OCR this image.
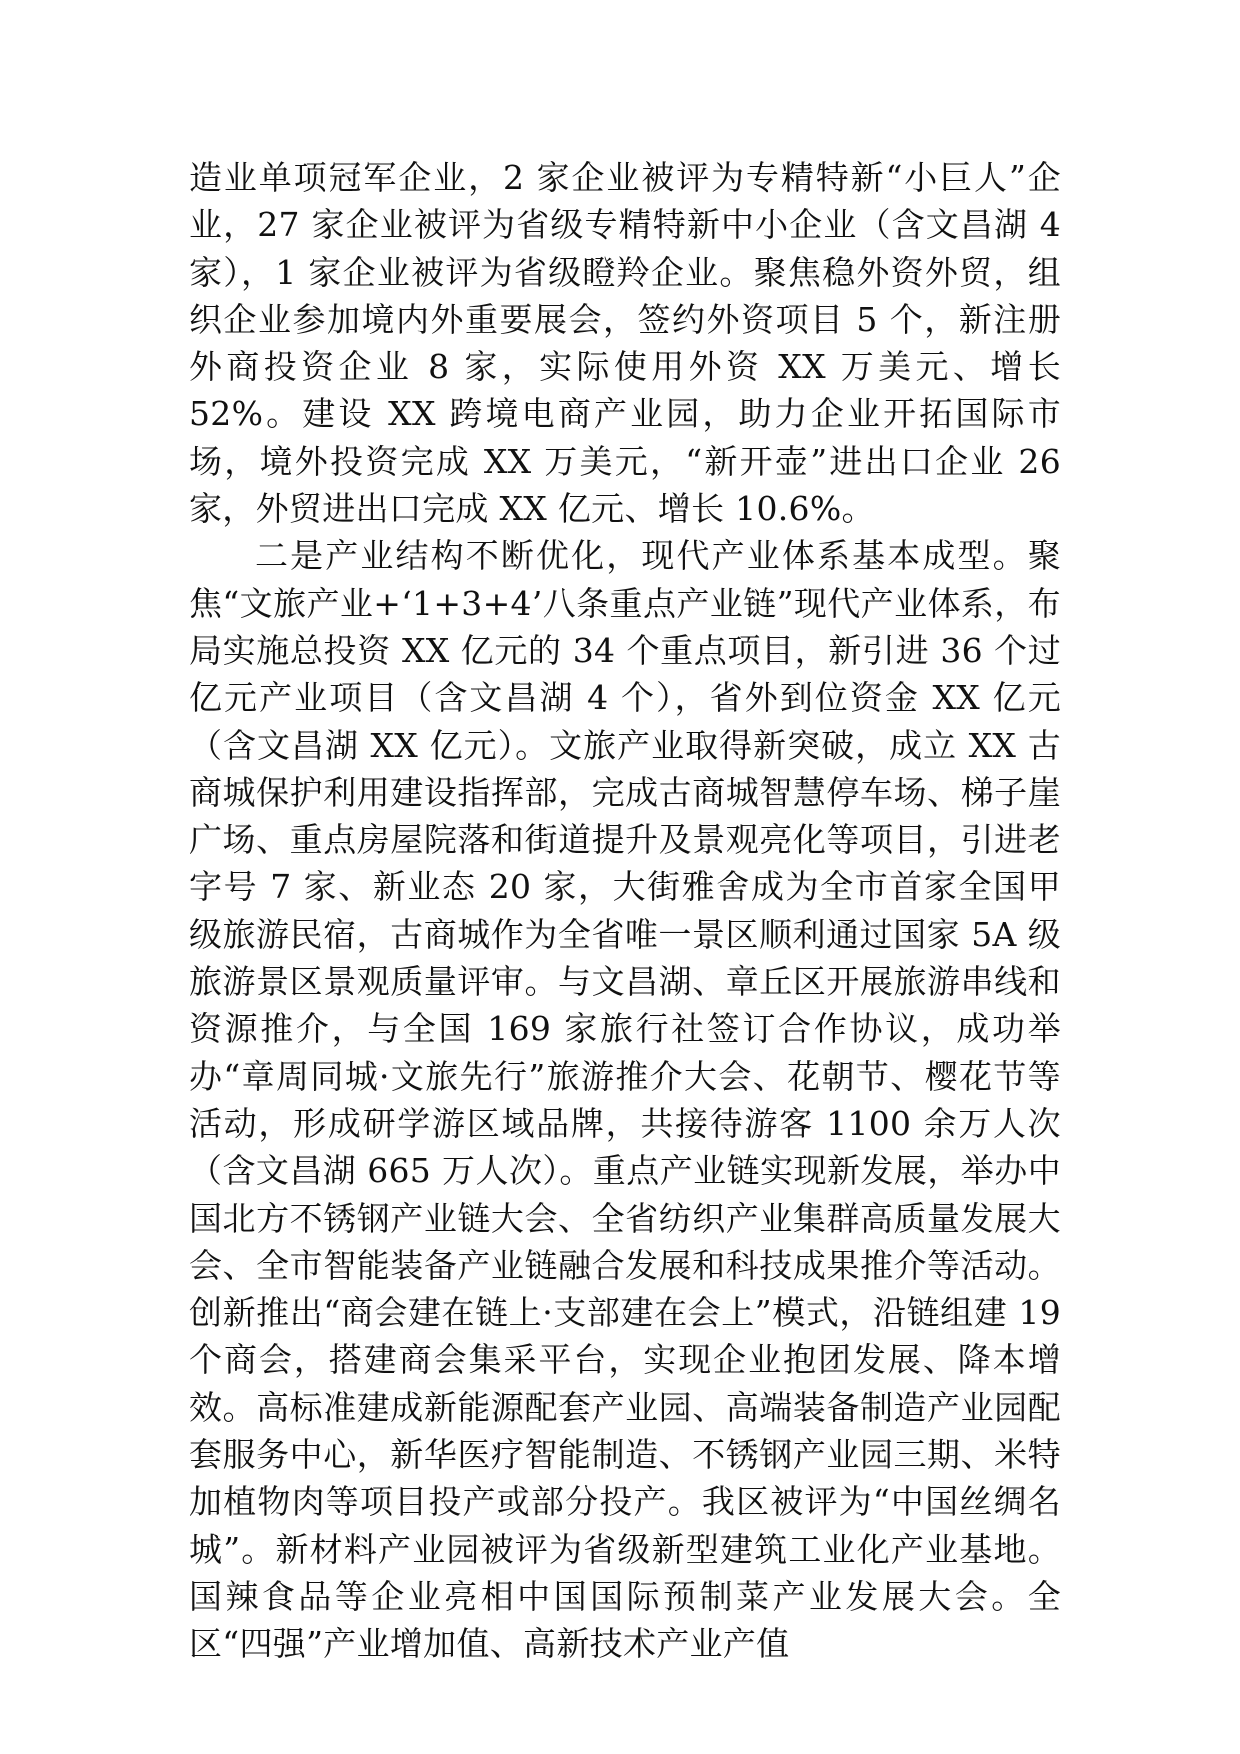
造业单项冠军企业，2 家企业被评为专精特新“小巨人”企业，27 家企业被评为省级专精特新中小企业（含文昌湖 4 家），1 家企业被评为省级瞪羚企业。聚焦稳外资外贸，组织企业参加境内外重要展会，签约外资项目 5 个，新注册外商投资企业 8 家，实际使用外资 XX 万美元、增长 52%。建设 XX 跨境电商产业园，助力企业开拓国际市场，境外投资完成 XX 万美元，“新开壶”进出口企业 26 家，外贸进出口完成 XX 亿元、增长 10.6%。

二是产业结构不断优化，现代产业体系基本成型。聚焦“文旅产业+‘1+3+4’八条重点产业链”现代产业体系，布局实施总投资 XX 亿元的 34 个重点项目，新引进 36 个过亿元产业项目（含文昌湖 4 个），省外到位资金 XX 亿元（含文昌湖 XX 亿元）。文旅产业取得新突破，成立 XX 古商城保护利用建设指挥部，完成古商城智慧停车场、梯子崖广场、重点房屋院落和街道提升及景观亮化等项目，引进老字号 7 家、新业态 20 家，大街雅舍成为全市首家全国甲级旅游民宿，古商城作为全省唯一景区顺利通过国家 5A 级旅游景区景观质量评审。与文昌湖、章丘区开展旅游串线和资源推介，与全国 169 家旅行社签订合作协议，成功举办“章周同城·文旅先行”旅游推介大会、花朝节、樱花节等活动，形成研学游区域品牌，共接待游客 1100 余万人次（含文昌湖 665 万人次）。重点产业链实现新发展，举办中国北方不锈钢产业链大会、全省纺织产业集群高质量发展大会、全市智能装备产业链融合发展和科技成果推介等活动。创新推出“商会建在链上·支部建在会上”模式，沿链组建 19 个商会，搭建商会集采平台，实现企业抱团发展、降本增效。高标准建成新能源配套产业园、高端装备制造产业园配套服务中心，新华医疗智能制造、不锈钢产业园三期、米特加植物肉等项目投产或部分投产。我区被评为“中国丝绸名城”。新材料产业园被评为省级新型建筑工业化产业基地。国辣食品等企业亮相中国国际预制菜产业发展大会。全区“四强”产业增加值、高新技术产业产值
